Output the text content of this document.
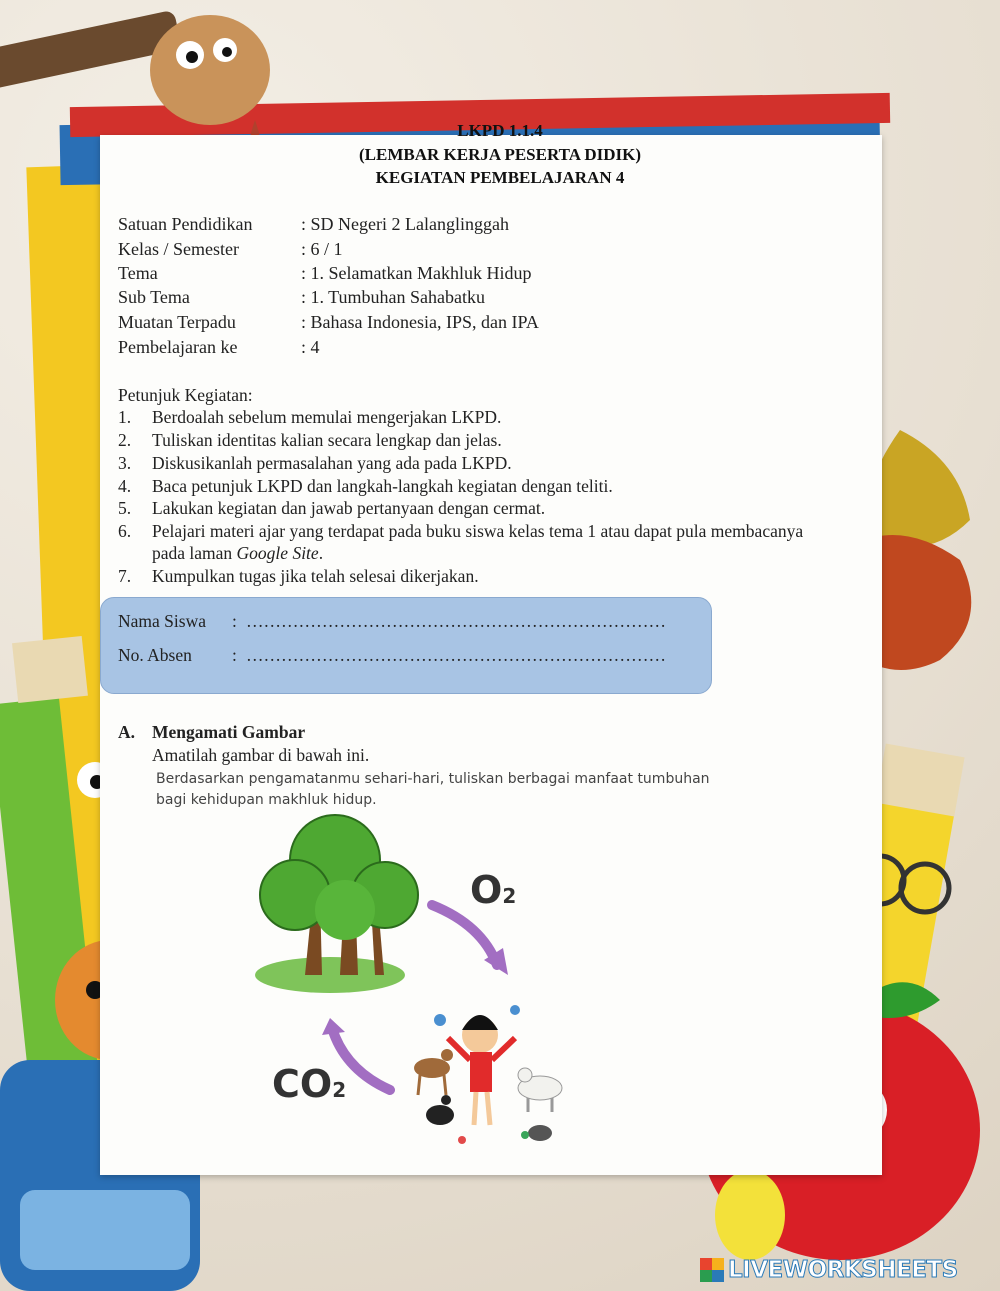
LKPD 1.1.4
(LEMBAR KERJA PESERTA DIDIK)
KEGIATAN PEMBELAJARAN 4
Satuan Pendidikan	: SD Negeri 2 Lalanglinggah
Kelas / Semester	: 6 / 1
Tema	: 1. Selamatkan Makhluk Hidup
Sub Tema	: 1. Tumbuhan Sahabatku
Muatan Terpadu	: Bahasa Indonesia, IPS, dan IPA
Pembelajaran ke	: 4
Petunjuk Kegiatan:
1.	Berdoalah sebelum memulai mengerjakan LKPD.
2.	Tuliskan identitas kalian secara lengkap dan jelas.
3.	Diskusikanlah permasalahan yang ada pada LKPD.
4.	Baca petunjuk LKPD dan langkah-langkah kegiatan dengan teliti.
5.	Lakukan kegiatan dan jawab pertanyaan dengan cermat.
6.	Pelajari materi ajar yang terdapat pada buku siswa kelas tema 1 atau dapat pula membacanya
pada laman Google Site.
7.	Kumpulkan tugas jika telah selesai dikerjakan.
Nama Siswa : ………………………………………………………………
No. Absen : ………………………………………………………………
A. Mengamati Gambar
Amatilah gambar di bawah ini.
Berdasarkan pengamatanmu sehari-hari, tuliskan berbagai manfaat tumbuhan
bagi kehidupan makhluk hidup.
O2
CO2
LIVEWORKSHEETS
